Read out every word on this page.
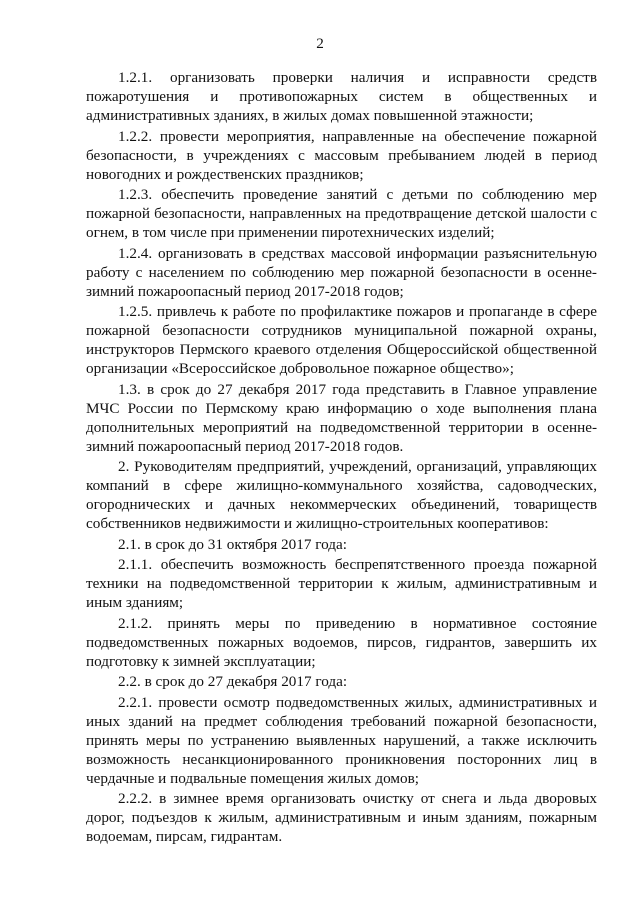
2

1.2.1. организовать проверки наличия и исправности средств пожаротушения и противопожарных систем в общественных и административных зданиях, в жилых домах повышенной этажности;

1.2.2. провести мероприятия, направленные на обеспечение пожарной безопасности, в учреждениях с массовым пребыванием людей в период новогодних и рождественских праздников;

1.2.3. обеспечить проведение занятий с детьми по соблюдению мер пожарной безопасности, направленных на предотвращение детской шалости с огнем, в том числе при применении пиротехнических изделий;

1.2.4. организовать в средствах массовой информации разъяснительную работу с населением по соблюдению мер пожарной безопасности в осенне-зимний пожароопасный период 2017-2018 годов;

1.2.5. привлечь к работе по профилактике пожаров и пропаганде в сфере пожарной безопасности сотрудников муниципальной пожарной охраны, инструкторов Пермского краевого отделения Общероссийской общественной организации «Всероссийское добровольное пожарное общество»;

1.3. в срок до 27 декабря 2017 года представить в Главное управление МЧС России по Пермскому краю информацию о ходе выполнения плана дополнительных мероприятий на подведомственной территории в осенне-зимний пожароопасный период 2017-2018 годов.

2. Руководителям предприятий, учреждений, организаций, управляющих компаний в сфере жилищно-коммунального хозяйства, садоводческих, огороднических и дачных некоммерческих объединений, товариществ собственников недвижимости и жилищно-строительных кооперативов:

2.1. в срок до 31 октября 2017 года:

2.1.1. обеспечить возможность беспрепятственного проезда пожарной техники на подведомственной территории к жилым, административным и иным зданиям;

2.1.2. принять меры по приведению в нормативное состояние подведомственных пожарных водоемов, пирсов, гидрантов, завершить их подготовку к зимней эксплуатации;

2.2. в срок до 27 декабря 2017 года:

2.2.1. провести осмотр подведомственных жилых, административных и иных зданий на предмет соблюдения требований пожарной безопасности, принять меры по устранению выявленных нарушений, а также исключить возможность несанкционированного проникновения посторонних лиц в чердачные и подвальные помещения жилых домов;

2.2.2. в зимнее время организовать очистку от снега и льда дворовых дорог, подъездов к жилым, административным и иным зданиям, пожарным водоемам, пирсам, гидрантам.
